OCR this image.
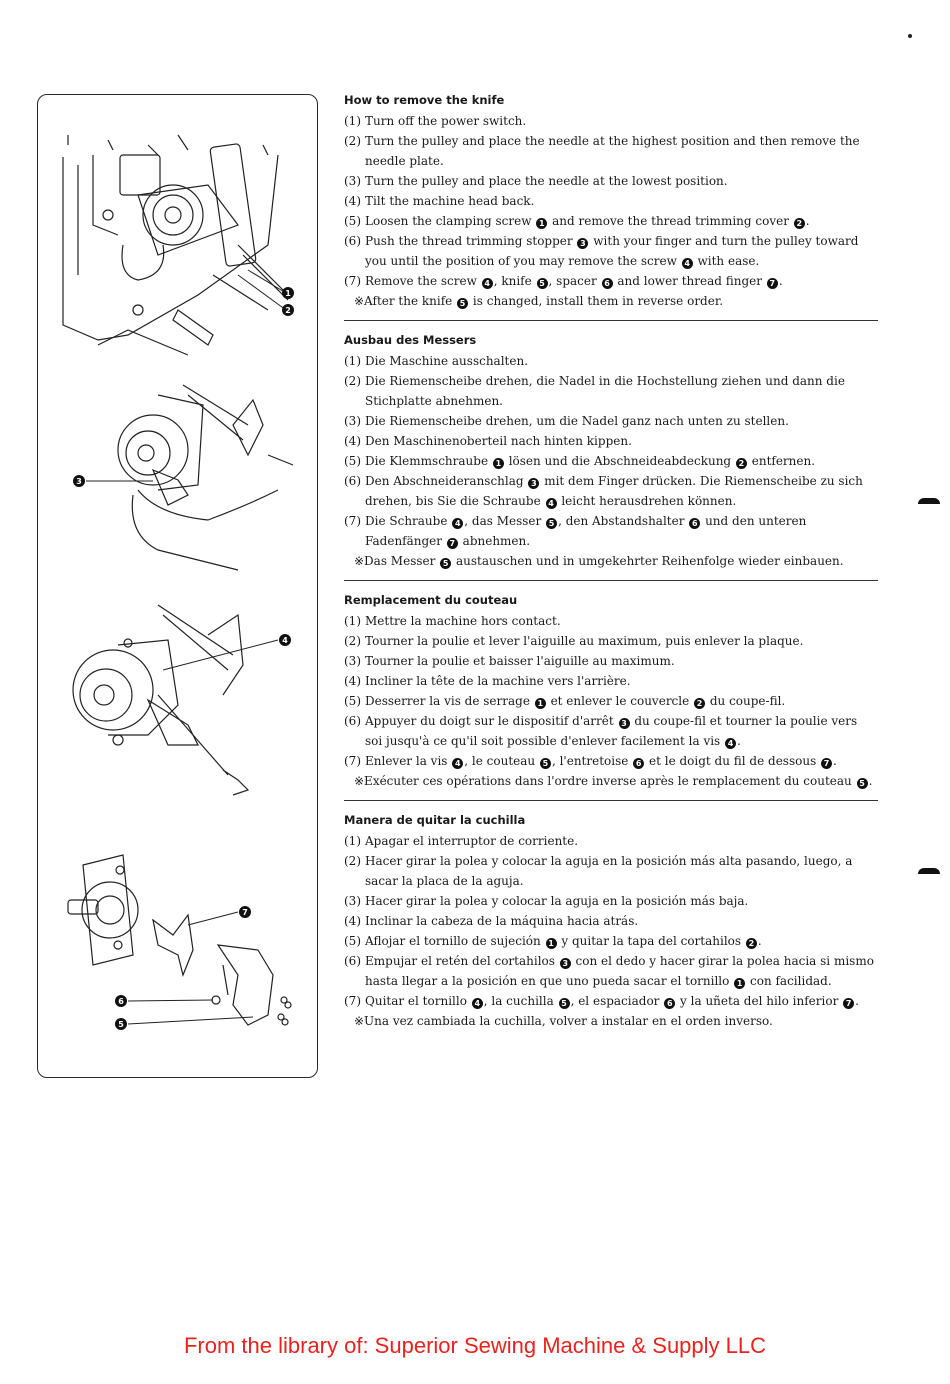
1
2
3
4
7
6
5
How to remove the knife
(1) Turn off the power switch.
(2) Turn the pulley and place the needle at the highest position and then remove the needle plate.
(3) Turn the pulley and place the needle at the lowest position.
(4) Tilt the machine head back.
(5) Loosen the clamping screw 1 and remove the thread trimming cover 2 .
(6) Push the thread trimming stopper 3 with your finger and turn the pulley toward you until the position of you may remove the screw 4 with ease.
(7) Remove the screw 4 , knife 5 , spacer 6 and lower thread finger 7 .
※After the knife 5 is changed, install them in reverse order.
Ausbau des Messers
(1) Die Maschine ausschalten.
(2) Die Riemenscheibe drehen, die Nadel in die Hochstellung ziehen und dann die Stichplatte abnehmen.
(3) Die Riemenscheibe drehen, um die Nadel ganz nach unten zu stellen.
(4) Den Maschinenoberteil nach hinten kippen.
(5) Die Klemmschraube 1 lösen und die Abschneideabdeckung 2 entfernen.
(6) Den Abschneideranschlag 3 mit dem Finger drücken. Die Riemenscheibe zu sich drehen, bis Sie die Schraube 4 leicht herausdrehen können.
(7) Die Schraube 4 , das Messer 5 , den Abstandshalter 6 und den unteren Fadenfänger 7 abnehmen.
※Das Messer 5 austauschen und in umgekehrter Reihenfolge wieder einbauen.
Remplacement du couteau
(1) Mettre la machine hors contact.
(2) Tourner la poulie et lever l'aiguille au maximum, puis enlever la plaque.
(3) Tourner la poulie et baisser l'aiguille au maximum.
(4) Incliner la tête de la machine vers l'arrière.
(5) Desserrer la vis de serrage 1 et enlever le couvercle 2 du coupe-fil.
(6) Appuyer du doigt sur le dispositif d'arrêt 3 du coupe-fil et tourner la poulie vers soi jusqu'à ce qu'il soit possible d'enlever facilement la vis 4 .
(7) Enlever la vis 4 , le couteau 5 , l'entretoise 6 et le doigt du fil de dessous 7 .
※Exécuter ces opérations dans l'ordre inverse après le remplacement du couteau 5 .
Manera de quitar la cuchilla
(1) Apagar el interruptor de corriente.
(2) Hacer girar la polea y colocar la aguja en la posición más alta pasando, luego, a sacar la placa de la aguja.
(3) Hacer girar la polea y colocar la aguja en la posición más baja.
(4) Inclinar la cabeza de la máquina hacia atrás.
(5) Aflojar el tornillo de sujeción 1 y quitar la tapa del cortahilos 2 .
(6) Empujar el retén del cortahilos 3 con el dedo y hacer girar la polea hacia si mismo hasta llegar a la posición en que uno pueda sacar el tornillo 1 con facilidad.
(7) Quitar el tornillo 4 , la cuchilla 5 , el espaciador 6 y la uñeta del hilo inferior 7 .
※Una vez cambiada la cuchilla, volver a instalar en el orden inverso.
From the library of: Superior Sewing Machine & Supply LLC
